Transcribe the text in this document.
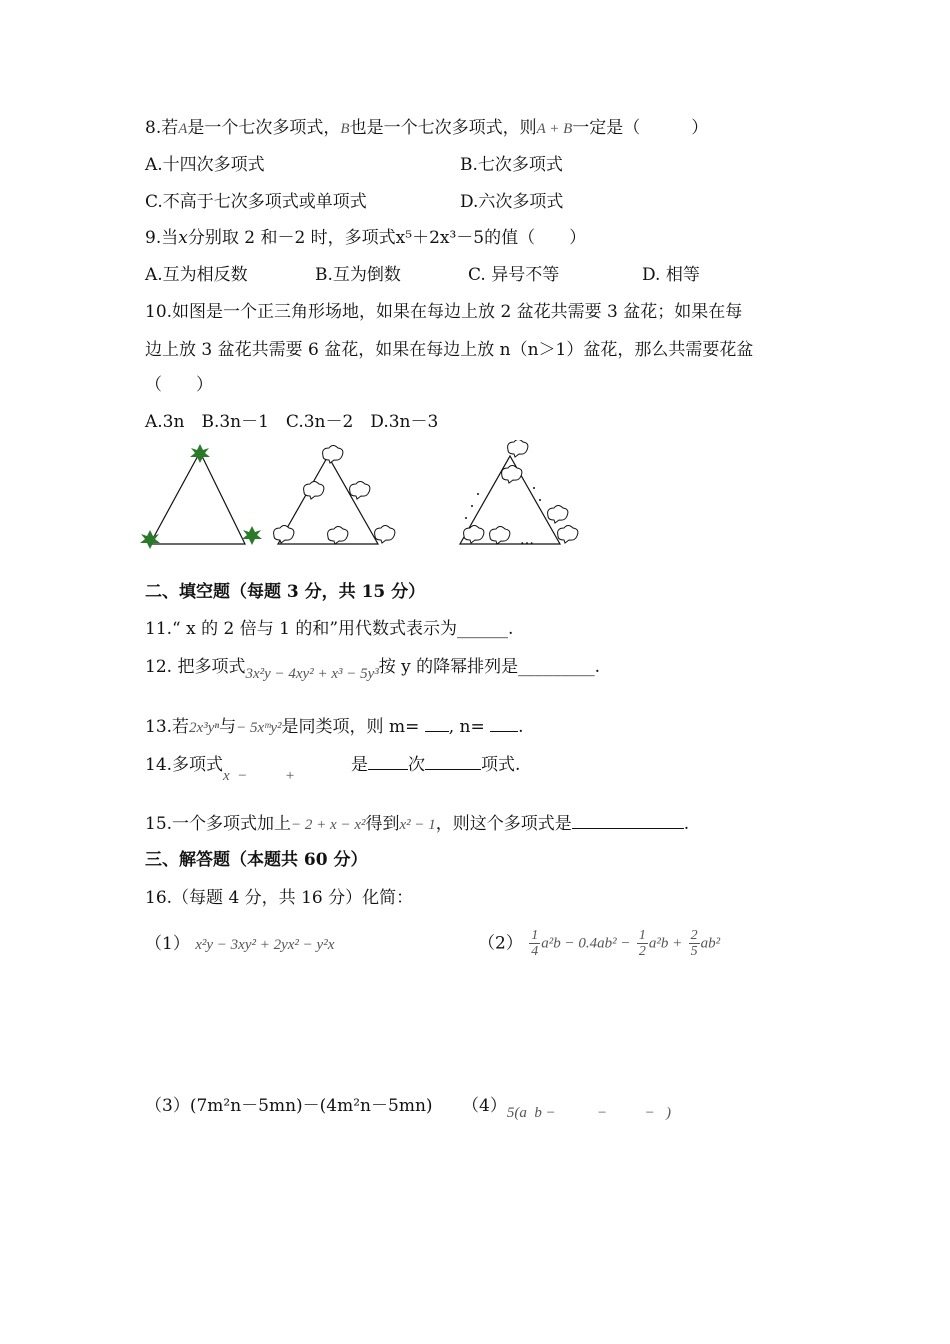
8.若A是一个七次多项式，B也是一个七次多项式，则A + B一定是（　　　）
A.十四次多项式	B.七次多项式
C.不高于七次多项式或单项式	D.六次多项式
9.当x分别取 2 和－2 时，多项式x⁵＋2x³－5的值（　　）
A.互为相反数	B.互为倒数	C. 异号不等	D. 相等
10.如图是一个正三角形场地，如果在每边上放 2 盆花共需要 3 盆花；如果在每
边上放 3 盆花共需要 6 盆花，如果在每边上放 n（n＞1）盆花，那么共需要花盆
（　　）
A.3n　B.3n－1　C.3n－2　D.3n－3
…
二、填空题（每题 3 分，共 15 分）
11.“ x 的 2 倍与 1 的和”用代数式表示为______.
12. 把多项式3x²y − 4xy² + x³ − 5y³按 y 的降幂排列是_________.
13.若2x³yⁿ与− 5xᵐy²是同类项，则 m= , n= .
14.多项式x  −          +是 次	项式.
15.一个多项式加上− 2 + x − x²得到x² − 1，则这个多项式是	.
三、解答题（本题共 60 分）
16.（每题 4 分，共 16 分）化简：
（1） x²y − 3xy² + 2yx² − y²x	$(2) \frac{1}{4} a^2b - 0.4ab^2 - \frac{1}{2} a^2b + \frac{2}{5} ab^2$
（3）(7m²n－5mn)－(4m²n－5mn) （4）5(a  b −           −          −   )
